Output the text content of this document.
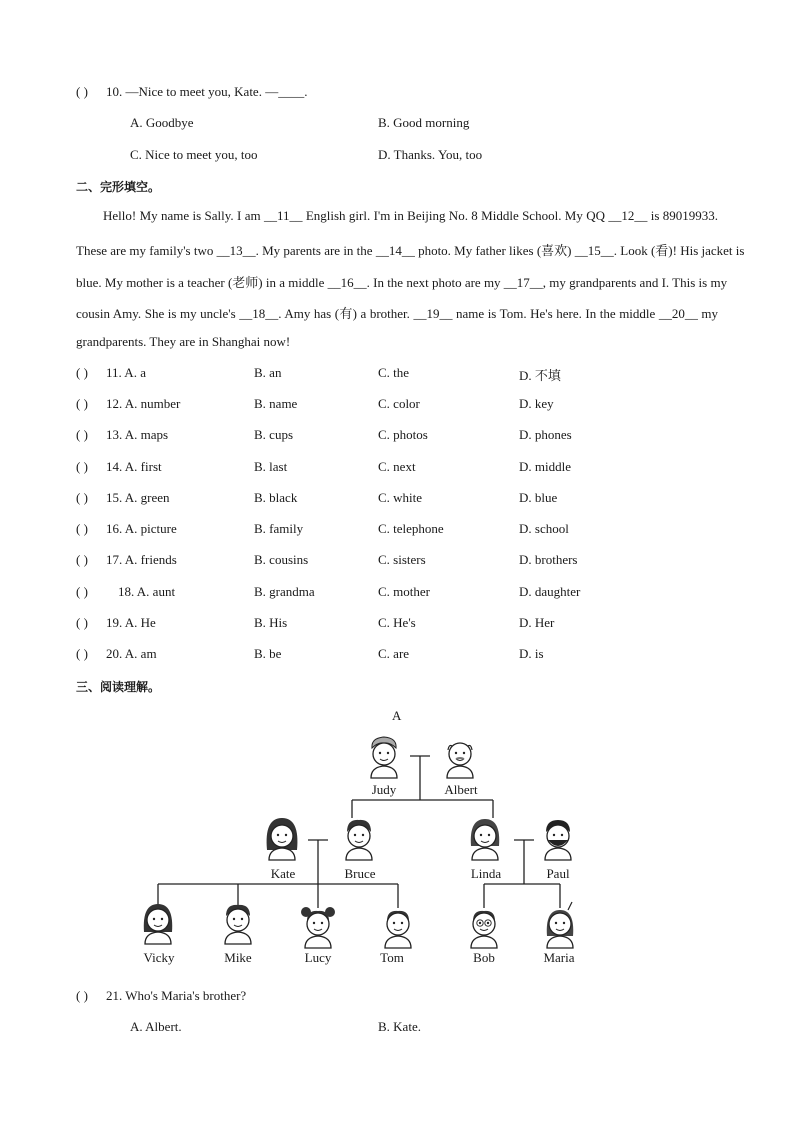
( ) 10. —Nice to meet you, Kate. —____.
A. Goodbye	B. Good morning
C. Nice to meet you, too	D. Thanks. You, too
二、完形填空。
Hello! My name is Sally. I am __11__ English girl. I'm in Beijing No. 8 Middle School. My QQ __12__ is 89019933.
These are my family's two __13__. My parents are in the __14__ photo. My father likes (喜欢) __15__. Look (看)! His jacket is
blue. My mother is a teacher (老师) in a middle __16__. In the next photo are my __17__, my grandparents and I. This is my
cousin Amy. She is my uncle's __18__. Amy has (有) a brother. __19__ name is Tom. He's here. In the middle __20__ my
grandparents. They are in Shanghai now!
( ) 11. A. a	B. an	C. the	D. 不填
( ) 12. A. number	B. name	C. color	D. key
( ) 13. A. maps	B. cups	C. photos	D. phones
( ) 14. A. first	B. last	C. next	D. middle
( ) 15. A. green	B. black	C. white	D. blue
( ) 16. A. picture	B. family	C. telephone	D. school
( ) 17. A. friends	B. cousins	C. sisters	D. brothers
( ) 18. A. aunt	B. grandma	C. mother	D. daughter
( ) 19. A. He	B. His	C. He's	D. Her
( ) 20. A. am	B. be	C. are	D. is
三、阅读理解。
A
Judy	Albert
Kate	Bruce	Linda	Paul
Vicky	Mike	Lucy	Tom	Bob	Maria
( ) 21. Who's Maria's brother?
A. Albert.	B. Kate.
